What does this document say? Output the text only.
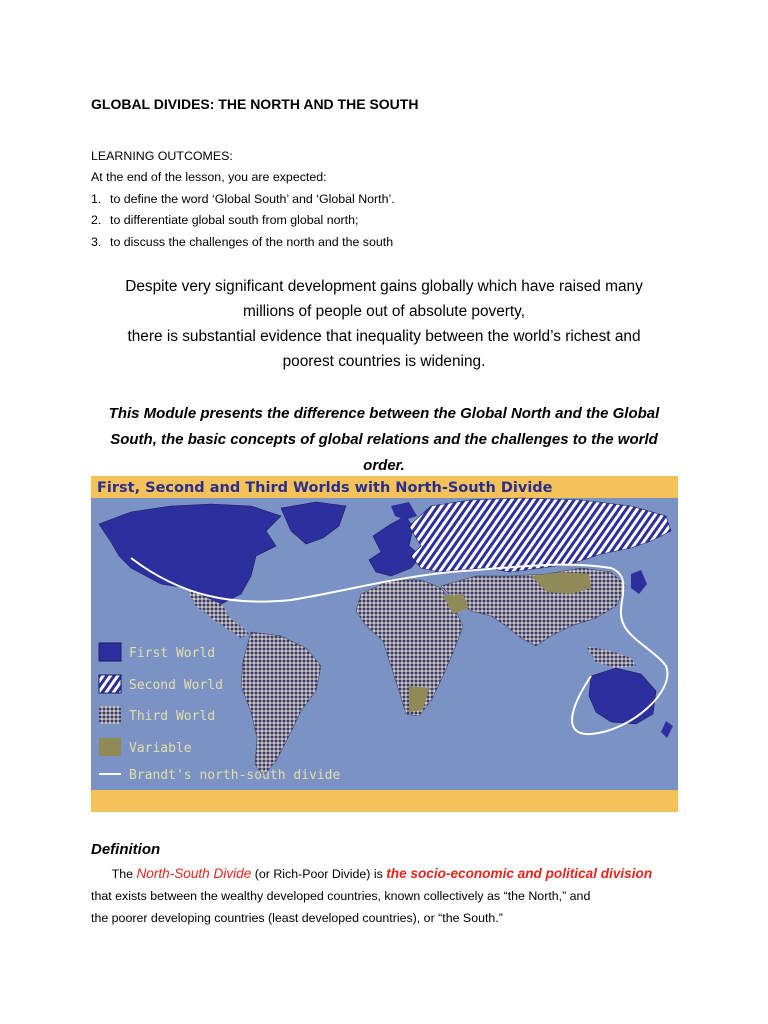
GLOBAL DIVIDES: THE NORTH AND THE SOUTH
LEARNING OUTCOMES:
At the end of the lesson, you are expected:
1. to define the word ‘Global South’ and ‘Global North’.
2. to differentiate global south from global north;
3. to discuss the challenges of the north and the south
Despite very significant development gains globally which have raised many
millions of people out of absolute poverty,
there is substantial evidence that inequality between the world’s richest and
poorest countries is widening.
This Module presents the difference between the Global North and the Global South, the basic concepts of global relations and the challenges to the world order.
First, Second and Third Worlds with North-South Divide
First World
Second World
Third World
Variable
Brandt's north-south divide
Definition
The North-South Divide (or Rich-Poor Divide) is the socio-economic and political division
that exists between the wealthy developed countries, known collectively as “the North,” and
the poorer developing countries (least developed countries), or “the South.”
